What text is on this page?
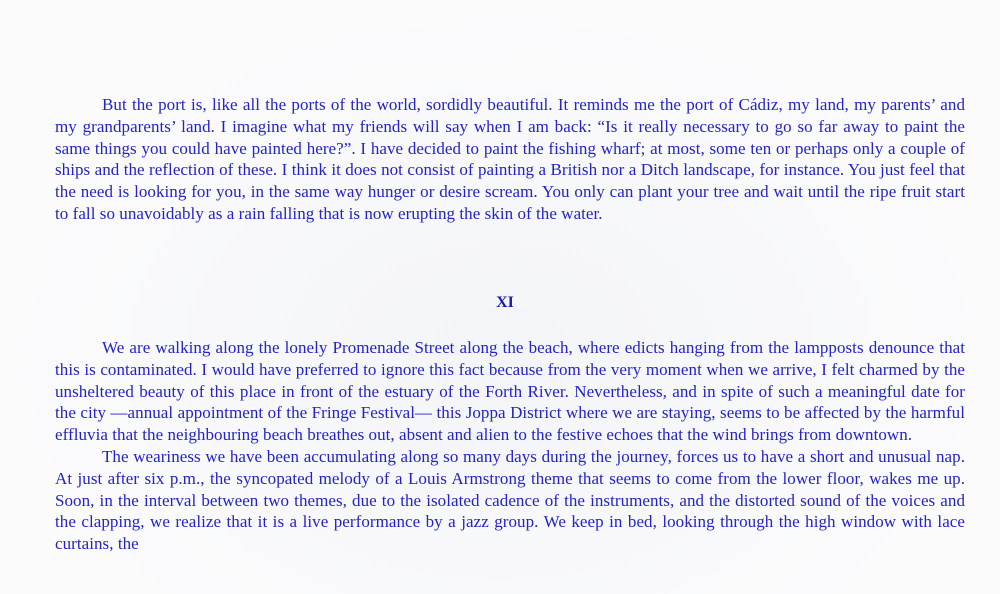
But the port is, like all the ports of the world, sordidly beautiful. It reminds me the port of Cádiz, my land, my parents’ and my grandparents’ land. I imagine what my friends will say when I am back: “Is it really necessary to go so far away to paint the same things you could have painted here?”. I have decided to paint the fishing wharf; at most, some ten or perhaps only a couple of ships and the reflection of these. I think it does not consist of painting a British nor a Ditch landscape, for instance. You just feel that the need is looking for you, in the same way hunger or desire scream. You only can plant your tree and wait until the ripe fruit start to fall so unavoidably as a rain falling that is now erupting the skin of the water.

XI

We are walking along the lonely Promenade Street along the beach, where edicts hanging from the lampposts denounce that this is contaminated. I would have preferred to ignore this fact because from the very moment when we arrive, I felt charmed by the unsheltered beauty of this place in front of the estuary of the Forth River. Nevertheless, and in spite of such a meaningful date for the city —annual appointment of the Fringe Festival— this Joppa District where we are staying, seems to be affected by the harmful effluvia that the neighbouring beach breathes out, absent and alien to the festive echoes that the wind brings from downtown.

The weariness we have been accumulating along so many days during the journey, forces us to have a short and unusual nap. At just after six p.m., the syncopated melody of a Louis Armstrong theme that seems to come from the lower floor, wakes me up. Soon, in the interval between two themes, due to the isolated cadence of the instruments, and the distorted sound of the voices and the clapping, we realize that it is a live performance by a jazz group. We keep in bed, looking through the high window with lace curtains, the
